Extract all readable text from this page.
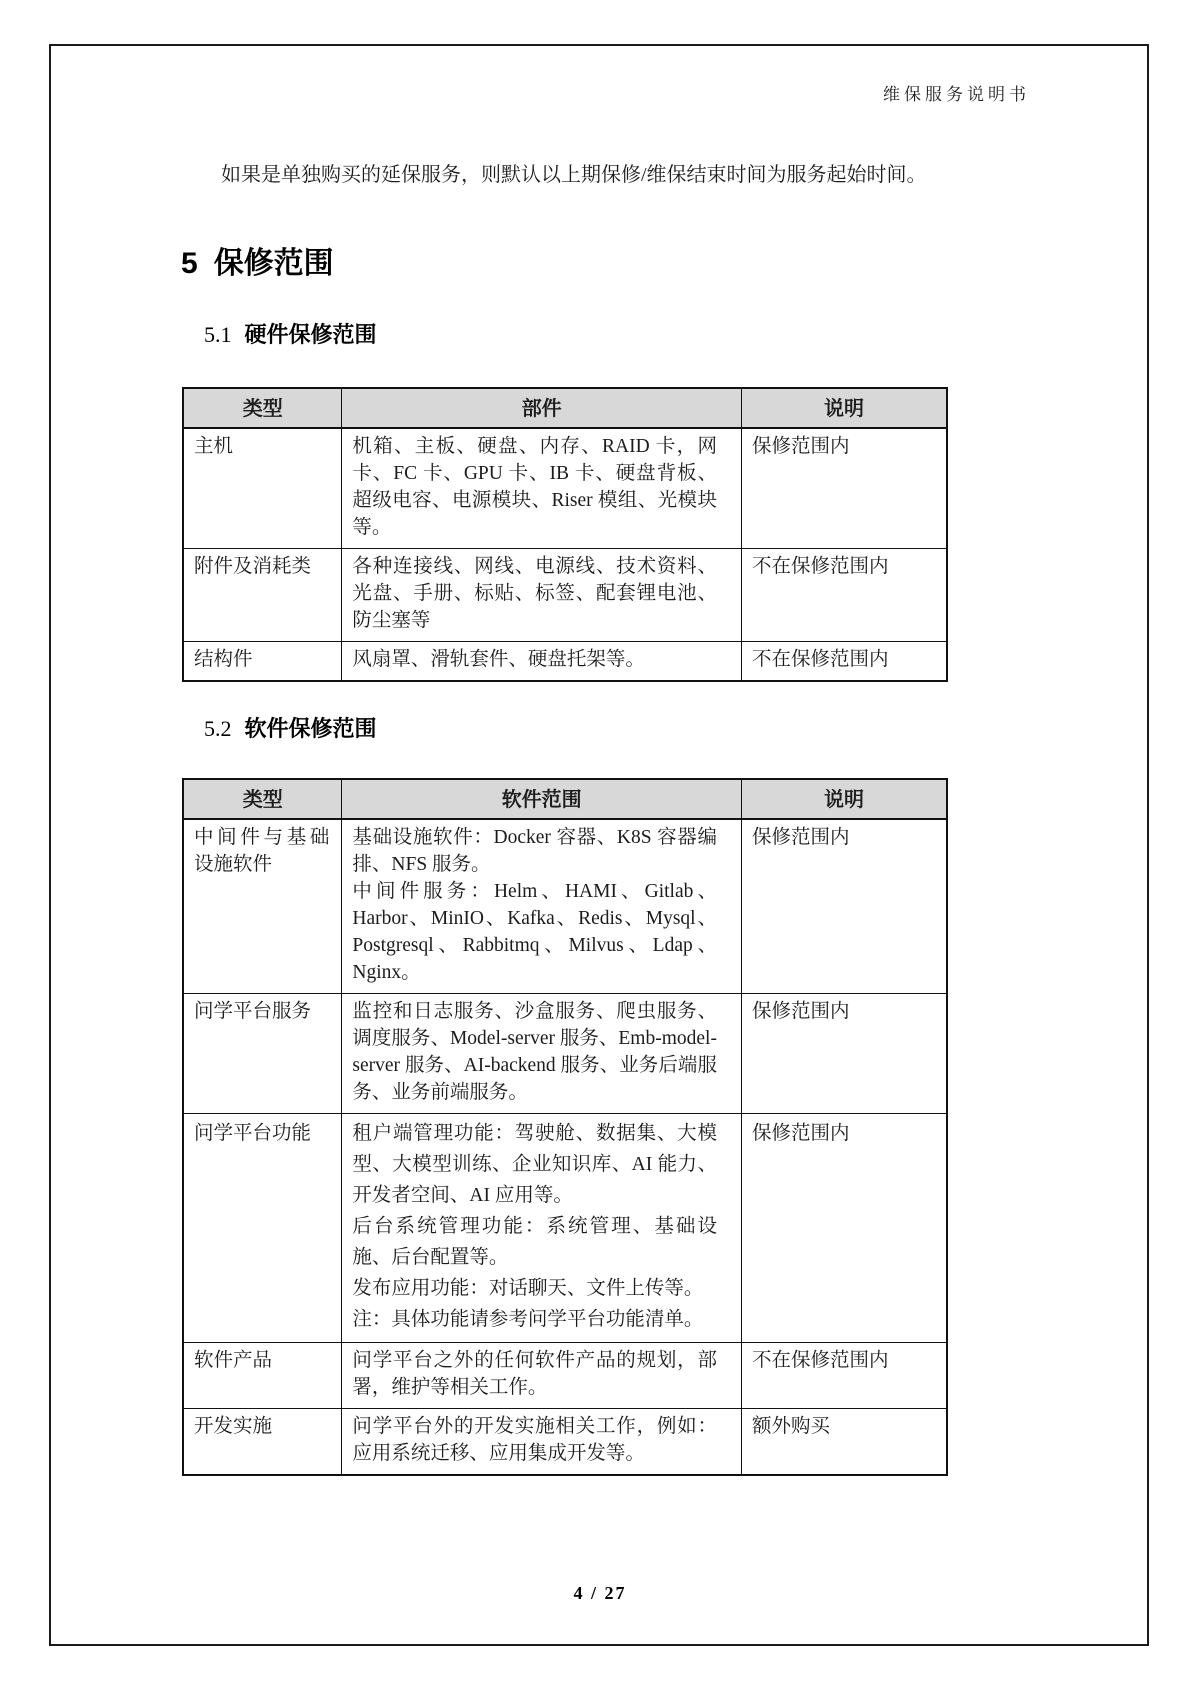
维保服务说明书

如果是单独购买的延保服务，则默认以上期保修/维保结束时间为服务起始时间。

5 保修范围
5.1 硬件保修范围
类型	部件	说明
主机	机箱、主板、硬盘、内存、RAID 卡，网卡、FC 卡、GPU 卡、IB 卡、硬盘背板、超级电容、电源模块、Riser 模组、光模块等。	保修范围内
附件及消耗类	各种连接线、网线、电源线、技术资料、光盘、手册、标贴、标签、配套锂电池、防尘塞等	不在保修范围内
结构件	风扇罩、滑轨套件、硬盘托架等。	不在保修范围内
5.2 软件保修范围
类型	软件范围	说明
中间件与基础设施软件	基础设施软件：Docker 容器、K8S 容器编排、NFS 服务。
中间件服务：Helm、HAMI、Gitlab、Harbor、MinIO、Kafka、Redis、Mysql、Postgresql、Rabbitmq、Milvus、Ldap、Nginx。	保修范围内
问学平台服务	监控和日志服务、沙盒服务、爬虫服务、调度服务、Model-server 服务、Emb-model-server 服务、AI-backend 服务、业务后端服务、业务前端服务。	保修范围内
问学平台功能	租户端管理功能：驾驶舱、数据集、大模型、大模型训练、企业知识库、AI 能力、开发者空间、AI 应用等。
后台系统管理功能：系统管理、基础设施、后台配置等。
发布应用功能：对话聊天、文件上传等。
注：具体功能请参考问学平台功能清单。	保修范围内
软件产品	问学平台之外的任何软件产品的规划，部署，维护等相关工作。	不在保修范围内
开发实施	问学平台外的开发实施相关工作，例如：应用系统迁移、应用集成开发等。	额外购买
4 / 27
